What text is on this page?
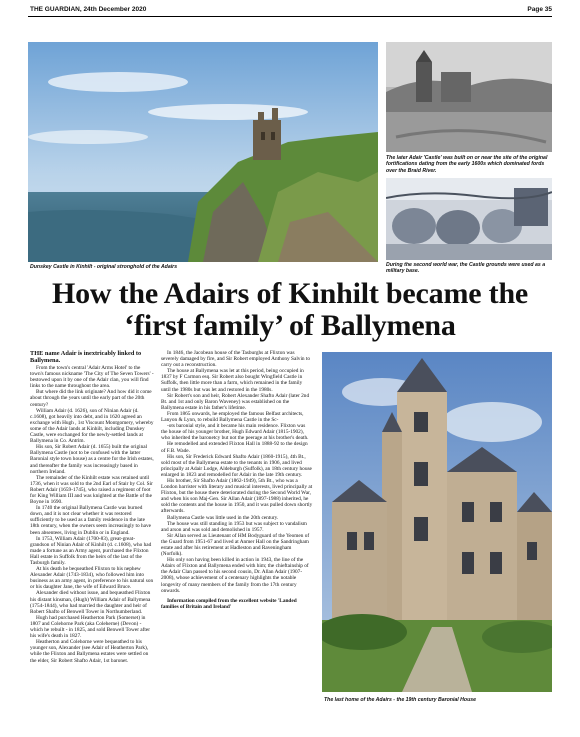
THE GUARDIAN, 24th December 2020	Page 35
Dunskey Castle in Kinhilt - original stronghold of the Adairs
The later Adair 'Castle' was built on or near the site of the original fortifications dating from the early 1600s which dominated fords over the Braid River.
During the second world war, the Castle grounds were used as a military base.
How the Adairs of Kinhilt became the ‘first family’ of Ballymena

THE name Adair is inextricably linked to Ballymena.

From the town's central 'Adair Arms Hotel' to the town's famous nickname 'The City of The Seven Towers' - bestowed upon it by one of the Adair clan, you will find links to the name throughout the area.

But where did the link originate? And how did it come about through the years until the early part of the 20th century?

William Adair (d. 1626), son of Ninian Adair (d. c.1608), got heavily into debt, and in 1620 agreed an exchange with Hugh , 1st Viscount Montgomery, whereby some of the Adair lands at Kinhilt, including Dunskey Castle, were exchanged for the newly-settled lands at Ballymena in Co. Antrim.

His son, Sir Robert Adair (d. 1655) built the original Ballymena Castle (not to be confused with the latter Baronial style town house) as a centre for the Irish estates, and thereafter the family was increasingly based in northern Ireland.

The remainder of the Kinhilt estate was retained until 1736, when it was sold to the 2nd Earl of Stair by Col. Sir Robert Adair (1659-1745), who raised a regiment of foot for King William III and was knighted at the Battle of the Boyne in 1690.

In 1740 the original Ballymena Castle was burned down, and it is not clear whether it was restored sufficiently to be used as a family residence in the late 18th century, when the owners seem increasingly to have been absentees, living in Dublin or in England.

In 1753, William Adair (1700-83), great-great-grandson of Ninian Adair of Kinhilt (d. c.1608), who had made a fortune as an Army agent, purchased the Flixton Hall estate in Suffolk from the heirs of the last of the Tasburgh family.

At his death he bequeathed Flixton to his nephew Alexander Adair (1743-1834), who followed him into business as an army agent, in preference to his natural son or his daughter Jane, the wife of Edward Bruce.

Alexander died without issue, and bequeathed Flixton his distant kinsman, (Hugh) William Adair of Ballymena (1754-1844), who had married the daughter and heir of Robert Shafto of Benwell Tower in Northumberland.

Hugh had purchased Heatherton Park (Somerset) in 1807 and Colehorne Park (aka Coleherne) (Devon) - which he rebuilt - in 1825, and sold Benwell Tower after his wife's death in 1827.

Heatherton and Colehorne were bequeathed to his younger son, Alexander (see Adair of Heatherton Park), while the Flixton and Ballymena estates were settled on the elder, Sir Robert Shafto Adair, 1st baronet.

In 1846, the Jacobean house of the Tasburghs at Flixton was severely damaged by fire, and Sir Robert employed Anthony Salvin to carry out a reconstruction.

The house at Ballymena was let at this period, being occupied in 1837 by F Carmon esq. Sir Robert also bought Wingfield Castle in Suffolk, then little more than a farm, which remained in the family until the 1980s but was let and restored in the 1980s.

Sir Robert's son and heir, Robert Alexander Shafto Adair (later 2nd Bt. and 1st and only Baron Waveney) was established on the Ballymena estate in his father's lifetime.

From 1865 onwards, he employed the famous Belfast architects, Lanyon & Lynn, to rebuild Ballymena Castle in the Sc-

-ots baronial style, and it became his main residence. Flixton was the house of his younger brother, Hugh Edward Adair (1815-1902), who inherited the baronetcy but not the peerage at his brother's death.

He remodelled and extended Flixton Hall in 1888-92 to the design of F.B. Wade.

His son, Sir Frederick Edward Shafto Adair (1860-1915), 4th Bt., sold most of the Ballymena estate to the tenants in 1906, and lived principally at Adair Lodge, Aldeburgh (Suffolk), an 18th century house enlarged in 1823 and remodelled for Adair in the late 19th century.

His brother, Sir Shafto Adair (1862-1949), 5th Bt., who was a London barrister with literary and musical interests, lived principally at Flixton, but the house there deteriorated during the Second World War, and when his son Maj-Gen. Sir Allan Adair (1897-1988) inherited, he sold the contents and the house in 1950, and it was pulled down shortly afterwards.

Ballymena Castle was little used in the 20th century.

The house was still standing in 1953 but was subject to vandalism and arson and was sold and demolished in 1957.

Sir Allan served as Lieutenant of HM Bodyguard of the Yeomen of the Guard from 1951-67 and lived at Anmer Hall on the Sandringham estate and after his retirement at Hadleston and Raveningham (Norfolk).

His only son having been killed in action in 1943, the line of the Adairs of Flixton and Ballymena ended with him; the chieftainship of the Adair Clan passed to his second cousin, Dr. Allan Adair (1907-2008), whose achievement of a centenary highlights the notable longevity of many members of the family from the 17th century onwards.

Information compiled from the excellent website 'Landed families of Britain and Ireland'

The last home of the Adairs - the 19th century Baronial House
